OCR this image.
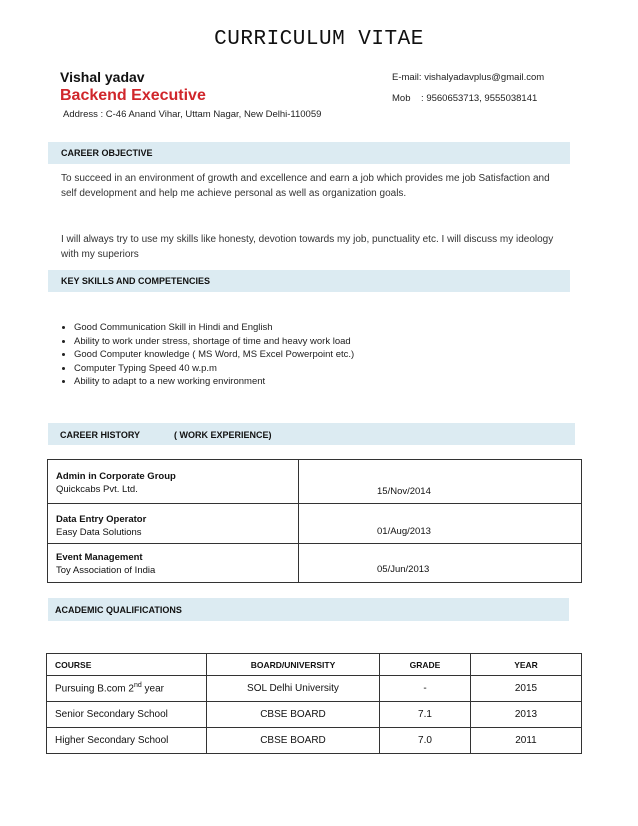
CURRICULUM VITAE
Vishal yadav
Backend Executive
Address : C-46 Anand Vihar, Uttam Nagar, New Delhi-110059
E-mail: vishalyadavplus@gmail.com
Mob    : 9560653713, 9555038141
CAREER OBJECTIVE
To succeed in an environment of growth and excellence and earn a job which provides me job Satisfaction and self development and help me achieve personal as well as organization goals.
I will always try to use my skills like honesty, devotion towards my job, punctuality etc. I will discuss my ideology with my superiors
KEY SKILLS AND COMPETENCIES
• Good Communication Skill in Hindi and English
• Ability to work under stress, shortage of time and heavy work load
• Good Computer knowledge ( MS Word, MS Excel Powerpoint etc.)
• Computer Typing Speed 40 w.p.m
• Ability to adapt to a new working environment
CAREER HISTORY	( WORK EXPERIENCE)
Admin in Corporate Group
Quickcabs Pvt. Ltd.	15/Nov/2014

Data Entry Operator
Easy Data Solutions	01/Aug/2013

Event Management
Toy Association of India	05/Jun/2013
ACADEMIC QUALIFICATIONS
COURSE	BOARD/UNIVERSITY	GRADE	YEAR
Pursuing B.com 2nd year	SOL Delhi University	-	2015
Senior Secondary School	CBSE BOARD	7.1	2013
Higher Secondary School	CBSE BOARD	7.0	2011
